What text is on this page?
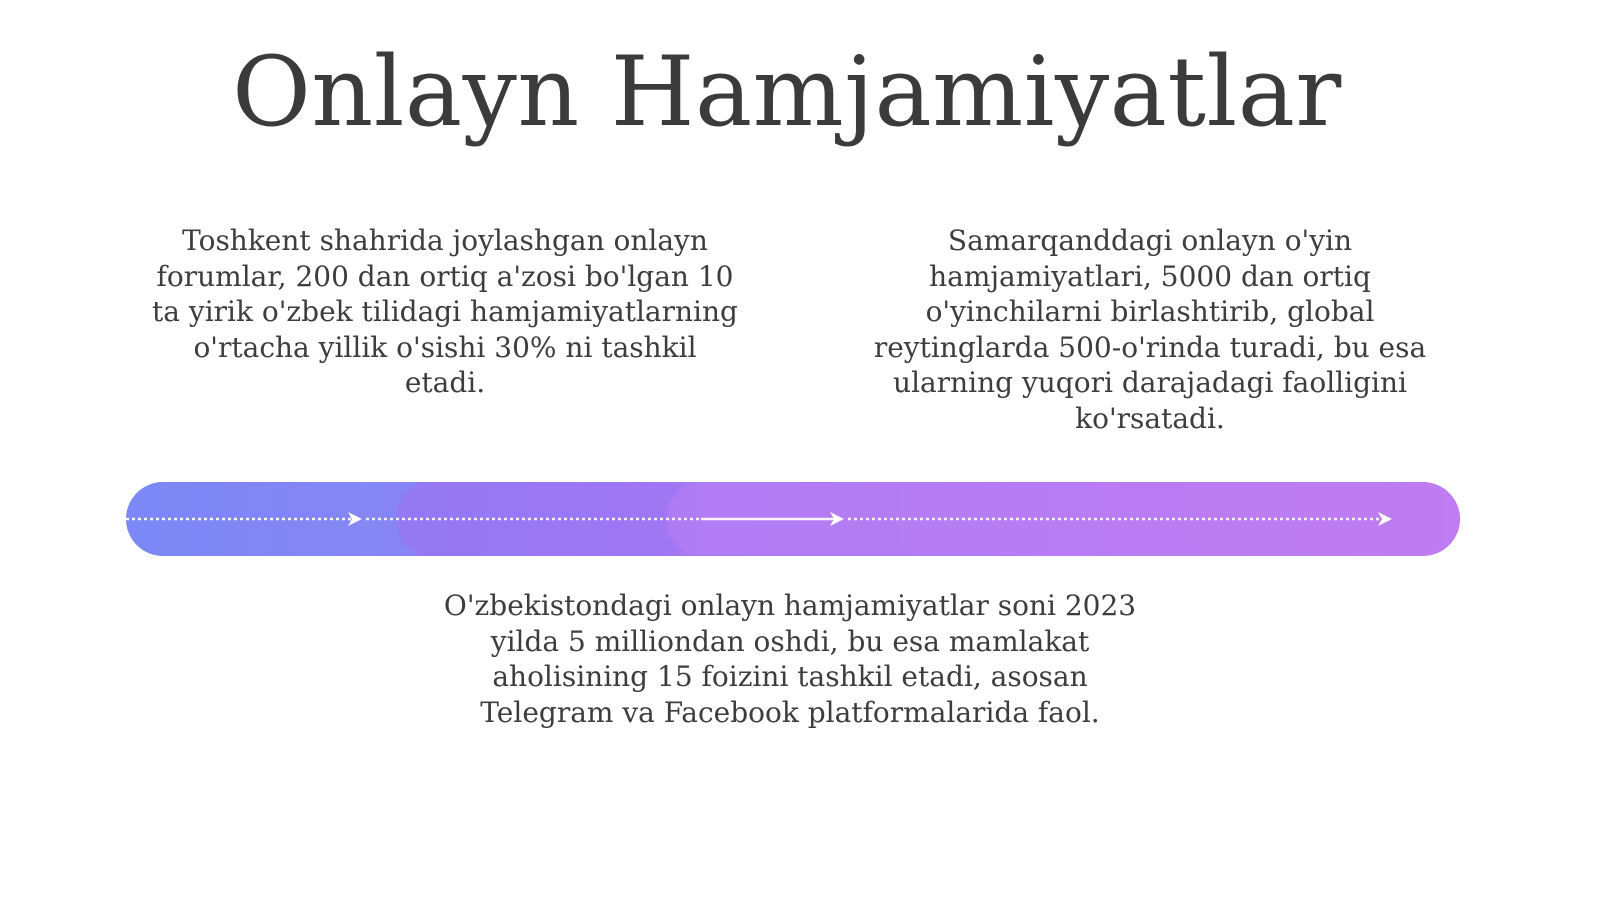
Onlayn Hamjamiyatlar

Toshkent shahrida joylashgan onlayn forumlar, 200 dan ortiq a'zosi bo'lgan 10 ta yirik o'zbek tilidagi hamjamiyatlarning o'rtacha yillik o'sishi 30% ni tashkil etadi.

Samarqanddagi onlayn o'yin hamjamiyatlari, 5000 dan ortiq o'yinchilarni birlashtirib, global reytinglarda 500-o'rinda turadi, bu esa ularning yuqori darajadagi faolligini ko'rsatadi.

O'zbekistondagi onlayn hamjamiyatlar soni 2023 yilda 5 milliondan oshdi, bu esa mamlakat aholisining 15 foizini tashkil etadi, asosan Telegram va Facebook platformalarida faol.
